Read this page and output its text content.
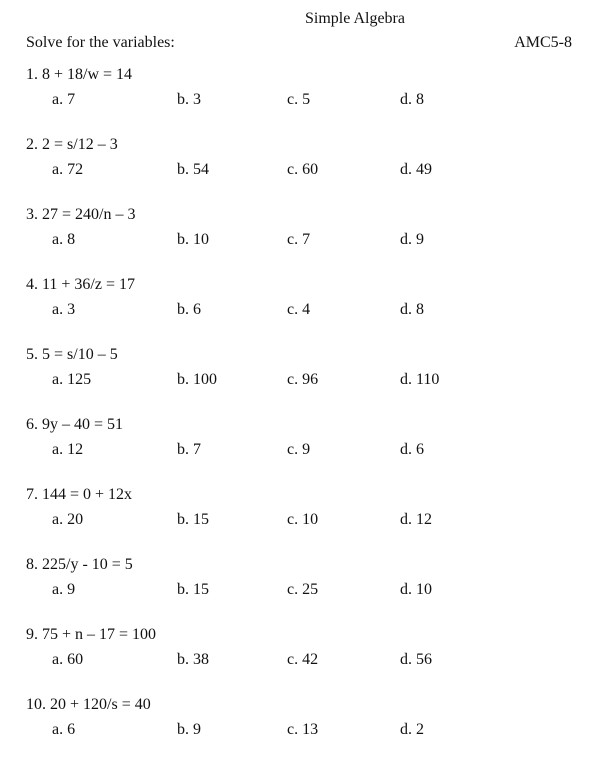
Simple Algebra
Solve for the variables:	AMC5-8
1. 8 + 18/w = 14
a. 7	b. 3	c. 5	d. 8
2. 2 = s/12 – 3
a. 72	b. 54	c. 60	d. 49
3. 27 = 240/n – 3
a. 8	b. 10	c. 7	d. 9
4. 11 + 36/z = 17
a. 3	b. 6	c. 4	d. 8
5. 5 = s/10 – 5
a. 125	b. 100	c. 96	d. 110
6. 9y – 40 = 51
a. 12	b. 7	c. 9	d. 6
7. 144 = 0 + 12x
a. 20	b. 15	c. 10	d. 12
8. 225/y - 10 = 5
a. 9	b. 15	c. 25	d. 10
9. 75 + n – 17 = 100
a. 60	b. 38	c. 42	d. 56
10. 20 + 120/s = 40
a. 6	b. 9	c. 13	d. 2
